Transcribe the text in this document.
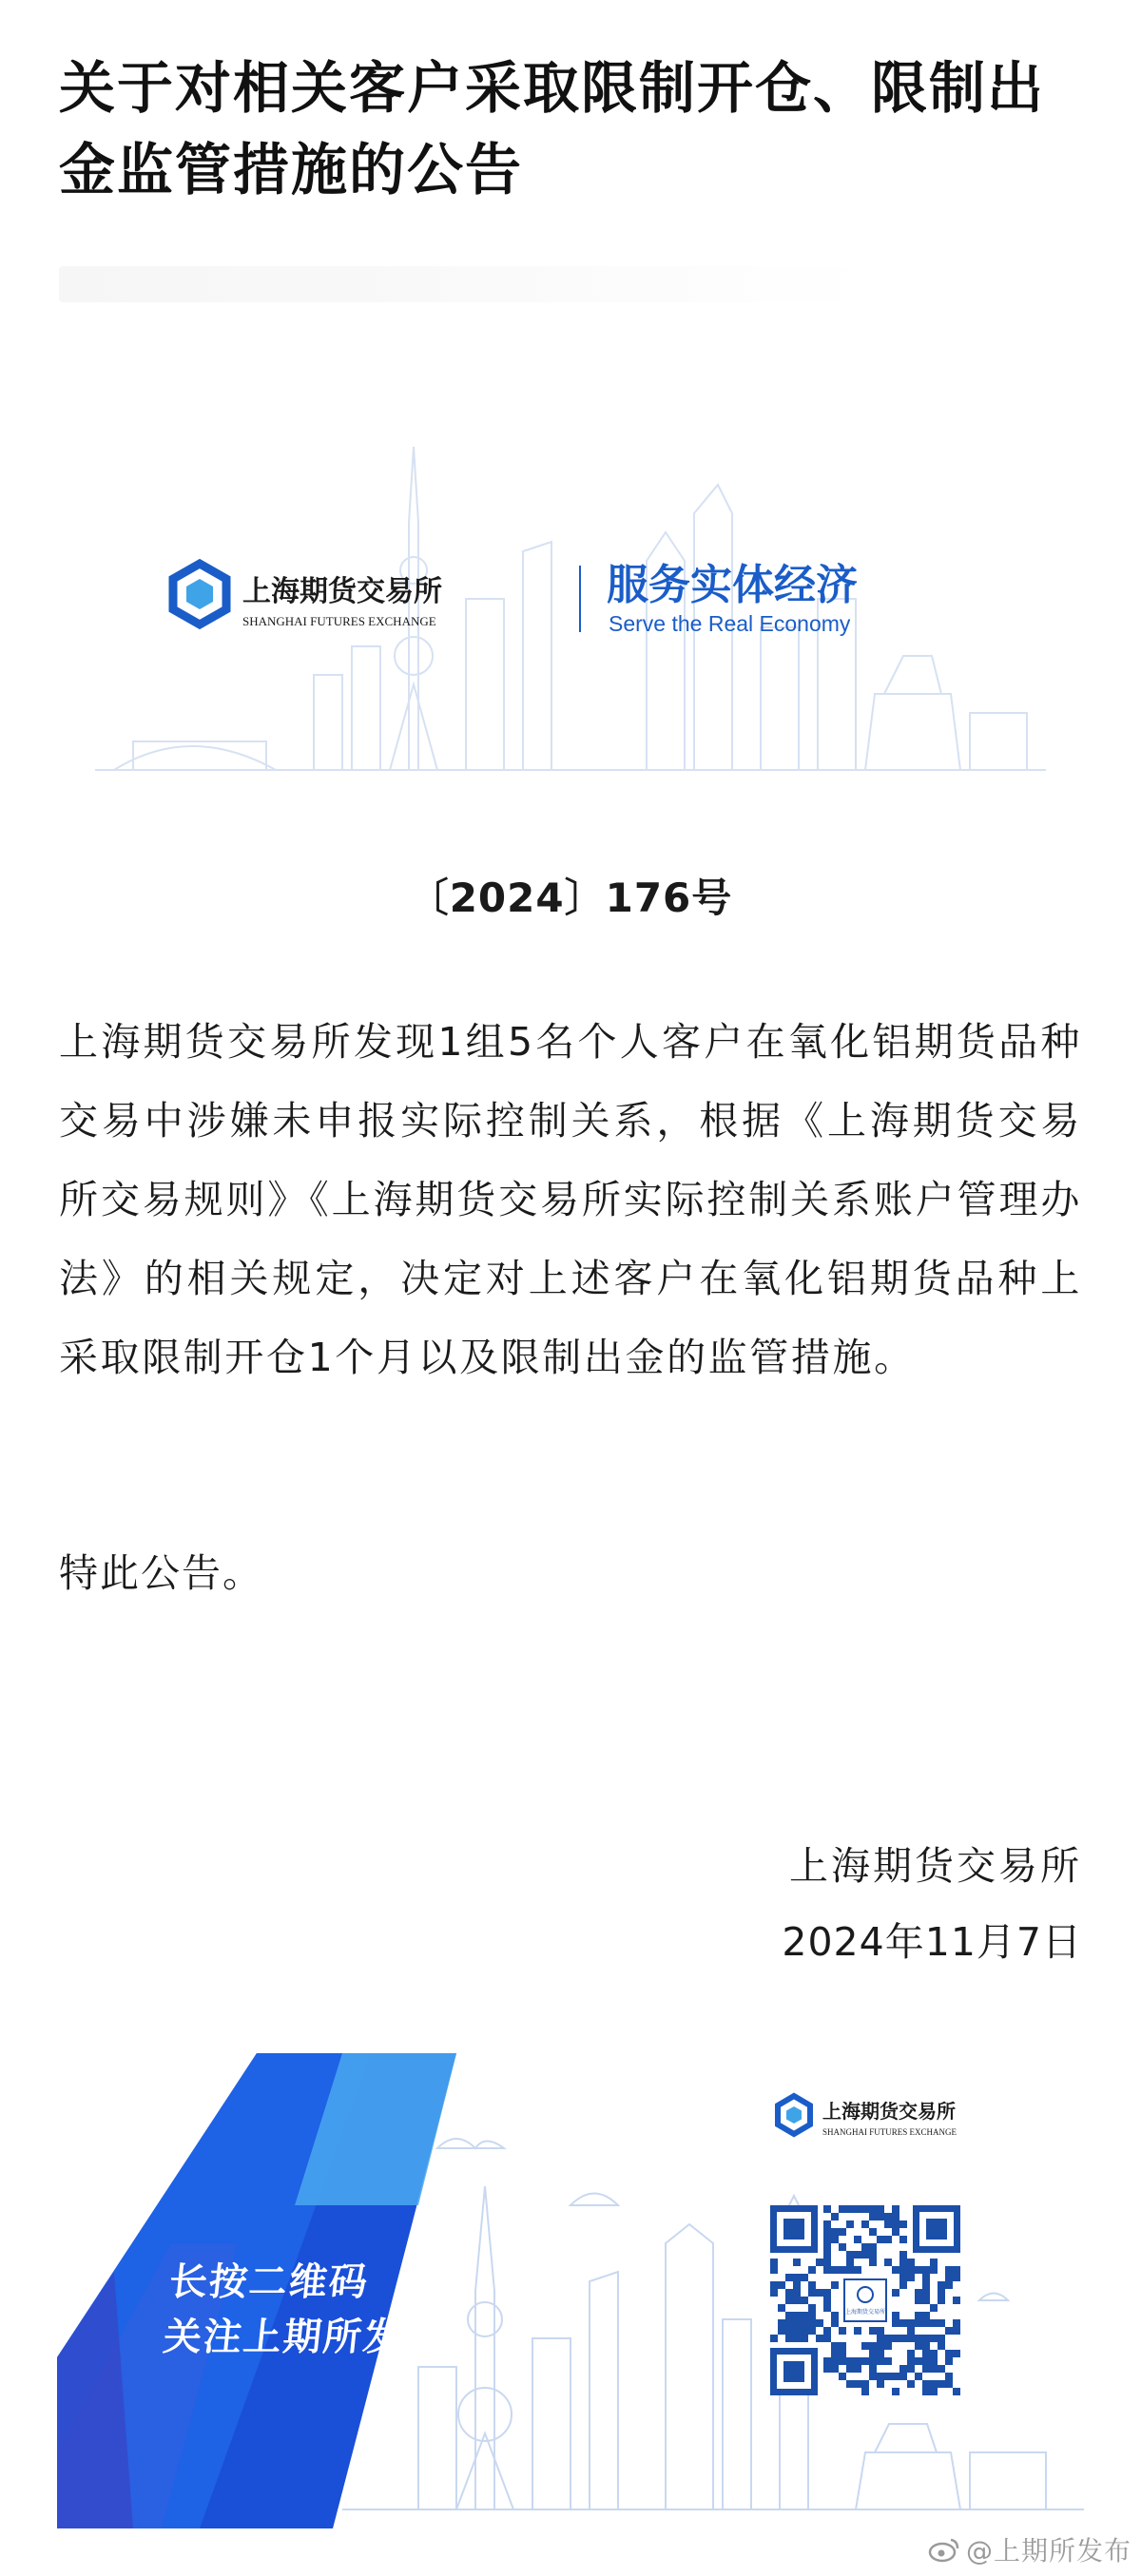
关于对相关客户采取限制开仓、限制出金监管措施的公告
上海期货交易所
SHANGHAI FUTURES EXCHANGE
服务实体经济
Serve the Real Economy
〔2024〕176号

上海期货交易所发现1组5名个人客户在氧化铝期货品种交易中涉嫌未申报实际控制关系，根据《上海期货交易所交易规则》《上海期货交易所实际控制关系账户管理办法》的相关规定，决定对上述客户在氧化铝期货品种上采取限制开仓1个月以及限制出金的监管措施。

特此公告。

上海期货交易所
2024年11月7日
上海期货交易所
SHANGHAI FUTURES EXCHANGE
上海期货交易所
长按二维码
关注上期所发布
@上期所发布
